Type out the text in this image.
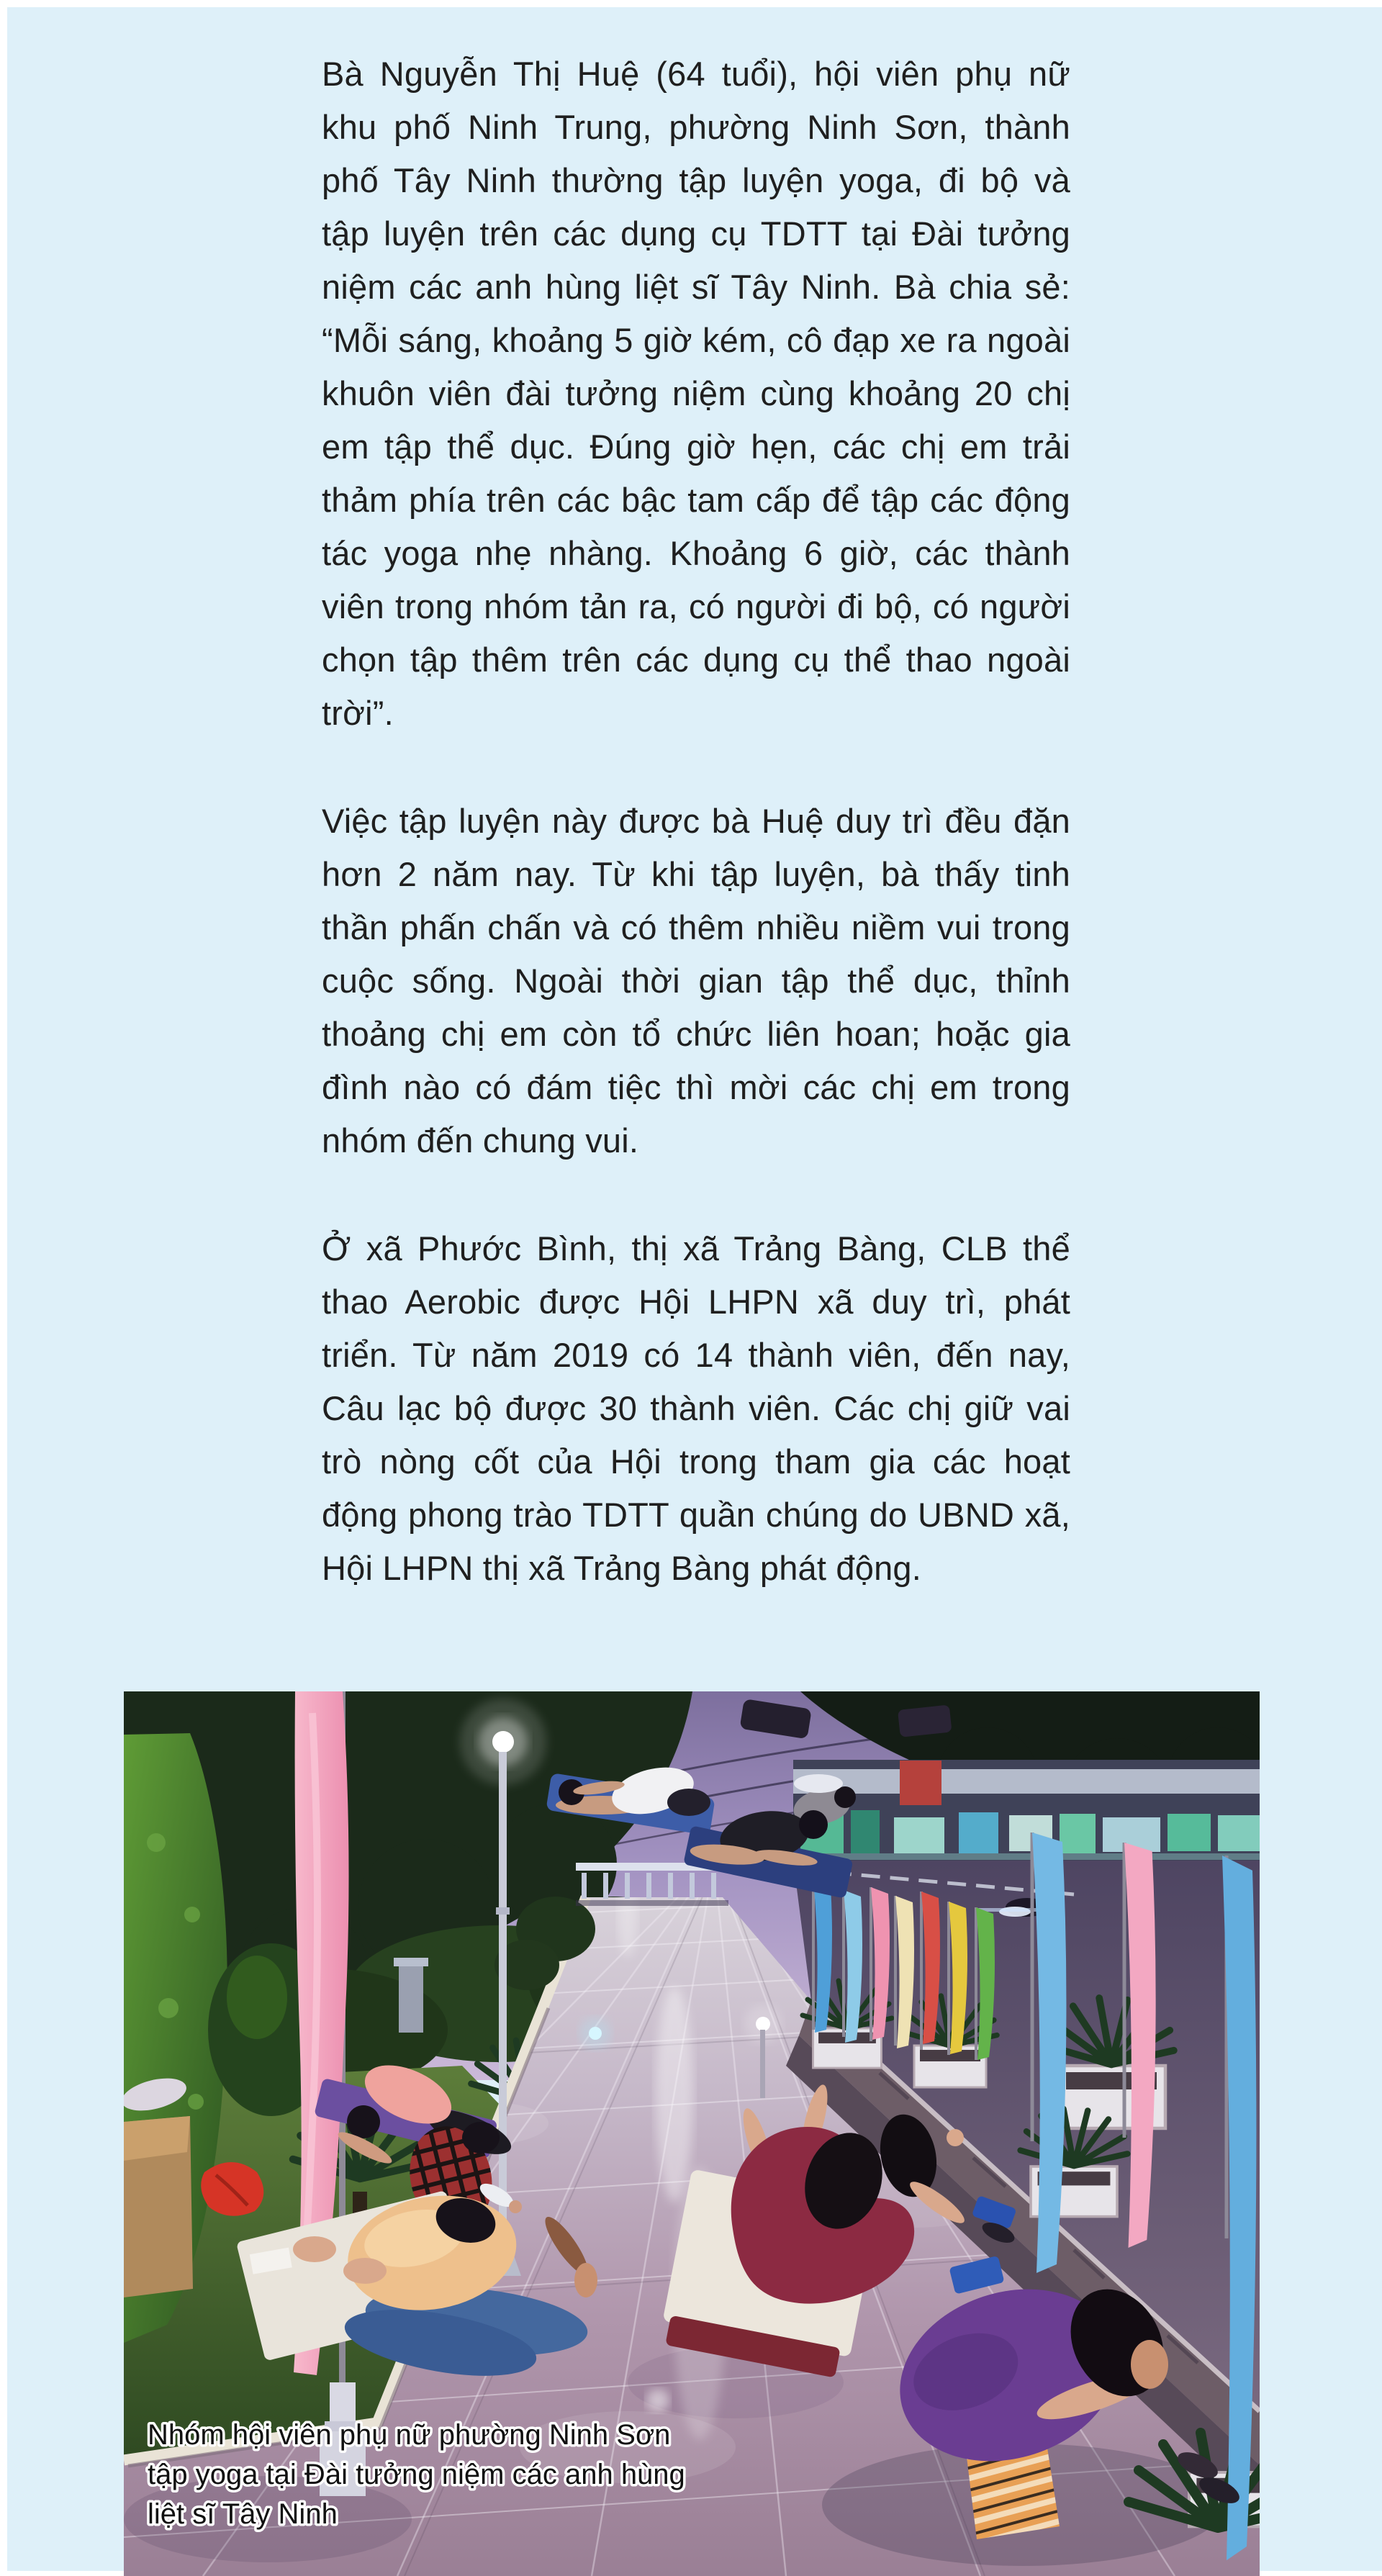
Bà Nguyễn Thị Huệ (64 tuổi), hội viên phụ nữ khu phố Ninh Trung, phường Ninh Sơn, thành phố Tây Ninh thường tập luyện yoga, đi bộ và tập luyện trên các dụng cụ TDTT tại Đài tưởng niệm các anh hùng liệt sĩ Tây Ninh. Bà chia sẻ: “Mỗi sáng, khoảng 5 giờ kém, cô đạp xe ra ngoài khuôn viên đài tưởng niệm cùng khoảng 20 chị em tập thể dục. Đúng giờ hẹn, các chị em trải thảm phía trên các bậc tam cấp để tập các động tác yoga nhẹ nhàng. Khoảng 6 giờ, các thành viên trong nhóm tản ra, có người đi bộ, có người chọn tập thêm trên các dụng cụ thể thao ngoài trời”.

Việc tập luyện này được bà Huệ duy trì đều đặn hơn 2 năm nay. Từ khi tập luyện, bà thấy tinh thần phấn chấn và có thêm nhiều niềm vui trong cuộc sống. Ngoài thời gian tập thể dục, thỉnh thoảng chị em còn tổ chức liên hoan; hoặc gia đình nào có đám tiệc thì mời các chị em trong nhóm đến chung vui.

Ở xã Phước Bình, thị xã Trảng Bàng, CLB thể thao Aerobic được Hội LHPN xã duy trì, phát triển. Từ năm 2019 có 14 thành viên, đến nay, Câu lạc bộ được 30 thành viên. Các chị giữ vai trò nòng cốt của Hội trong tham gia các hoạt động phong trào TDTT quần chúng do UBND xã, Hội LHPN thị xã Trảng Bàng phát động.

Nhóm hội viên phụ nữ phường Ninh Sơn
tập yoga tại Đài tưởng niệm các anh hùng
liệt sĩ Tây Ninh
